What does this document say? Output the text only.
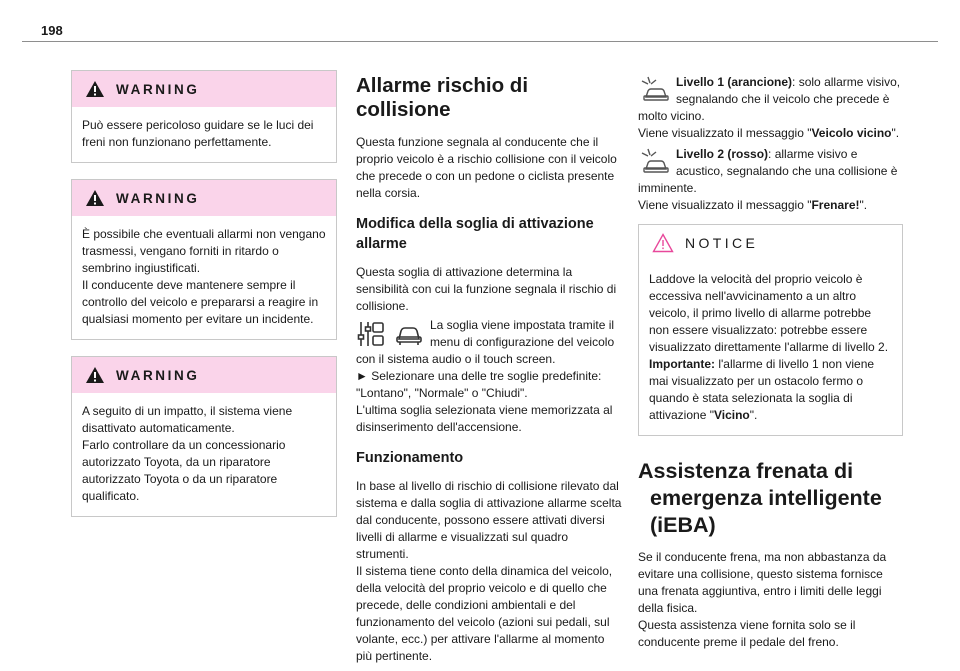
198
WARNING
Può essere pericoloso guidare se le luci dei freni non funzionano perfettamente.
WARNING
È possibile che eventuali allarmi non vengano trasmessi, vengano forniti in ritardo o sembrino ingiustificati.
Il conducente deve mantenere sempre il controllo del veicolo e prepararsi a reagire in qualsiasi momento per evitare un incidente.
WARNING
A seguito di un impatto, il sistema viene disattivato automaticamente.
Farlo controllare da un concessionario autorizzato Toyota, da un riparatore autorizzato Toyota o da un riparatore qualificato.
Allarme rischio di collisione

Questa funzione segnala al conducente che il proprio veicolo è a rischio collisione con il veicolo che precede o con un pedone o ciclista presente nella corsia.

Modifica della soglia di attivazione allarme

Questa soglia di attivazione determina la sensibilità con cui la funzione segnala il rischio di collisione.

La soglia viene impostata tramite il menu di configurazione del veicolo con il sistema audio o il touch screen.

► Selezionare una delle tre soglie predefinite: "Lontano", "Normale" o "Chiudi".
L'ultima soglia selezionata viene memorizzata al disinserimento dell'accensione.

Funzionamento

In base al livello di rischio di collisione rilevato dal sistema e dalla soglia di attivazione allarme scelta dal conducente, possono essere attivati diversi livelli di allarme e visualizzati sul quadro strumenti.
Il sistema tiene conto della dinamica del veicolo, della velocità del proprio veicolo e di quello che precede, delle condizioni ambientali e del funzionamento del veicolo (azioni sui pedali, sul volante, ecc.) per attivare l'allarme al momento più pertinente.

Livello 1 (arancione): solo allarme visivo, segnalando che il veicolo che precede è molto vicino.
Viene visualizzato il messaggio "Veicolo vicino".
Livello 2 (rosso): allarme visivo e acustico, segnalando che una collisione è imminente.
Viene visualizzato il messaggio "Frenare!".
NOTICE
Laddove la velocità del proprio veicolo è eccessiva nell'avvicinamento a un altro veicolo, il primo livello di allarme potrebbe non essere visualizzato: potrebbe essere visualizzato direttamente l'allarme di livello 2.
Importante: l'allarme di livello 1 non viene mai visualizzato per un ostacolo fermo o quando è stata selezionata la soglia di attivazione "Vicino".
Assistenza frenata di
emergenza intelligente
(iEBA)

Se il conducente frena, ma non abbastanza da evitare una collisione, questo sistema fornisce una frenata aggiuntiva, entro i limiti delle leggi della fisica.
Questa assistenza viene fornita solo se il conducente preme il pedale del freno.
